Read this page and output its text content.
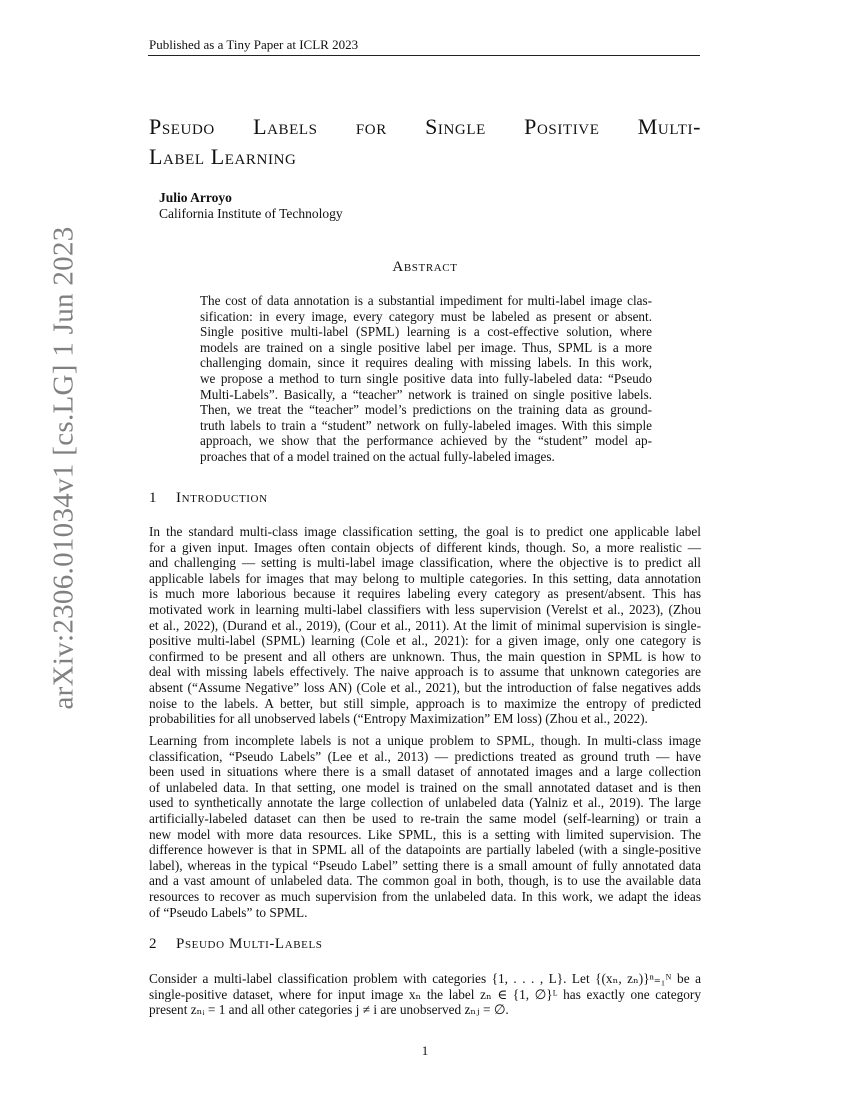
Published as a Tiny Paper at ICLR 2023
arXiv:2306.01034v1 [cs.LG] 1 Jun 2023
Pseudo Labels for Single Positive Multi-
Label Learning
Julio Arroyo
California Institute of Technology
Abstract
The cost of data annotation is a substantial impediment for multi-label image clas-
sification: in every image, every category must be labeled as present or absent.
Single positive multi-label (SPML) learning is a cost-effective solution, where
models are trained on a single positive label per image. Thus, SPML is a more
challenging domain, since it requires dealing with missing labels. In this work,
we propose a method to turn single positive data into fully-labeled data: “Pseudo
Multi-Labels”. Basically, a “teacher” network is trained on single positive labels.
Then, we treat the “teacher” model’s predictions on the training data as ground-
truth labels to train a “student” network on fully-labeled images. With this simple
approach, we show that the performance achieved by the “student” model ap-
proaches that of a model trained on the actual fully-labeled images.
1 Introduction
In the standard multi-class image classification setting, the goal is to predict one applicable label
for a given input. Images often contain objects of different kinds, though. So, a more realistic —
and challenging — setting is multi-label image classification, where the objective is to predict all
applicable labels for images that may belong to multiple categories. In this setting, data annotation
is much more laborious because it requires labeling every category as present/absent. This has
motivated work in learning multi-label classifiers with less supervision (Verelst et al., 2023), (Zhou
et al., 2022), (Durand et al., 2019), (Cour et al., 2011). At the limit of minimal supervision is single-
positive multi-label (SPML) learning (Cole et al., 2021): for a given image, only one category is
confirmed to be present and all others are unknown. Thus, the main question in SPML is how to
deal with missing labels effectively. The naive approach is to assume that unknown categories are
absent (“Assume Negative” loss AN) (Cole et al., 2021), but the introduction of false negatives adds
noise to the labels. A better, but still simple, approach is to maximize the entropy of predicted
probabilities for all unobserved labels (“Entropy Maximization” EM loss) (Zhou et al., 2022).
Learning from incomplete labels is not a unique problem to SPML, though. In multi-class image
classification, “Pseudo Labels” (Lee et al., 2013) — predictions treated as ground truth — have
been used in situations where there is a small dataset of annotated images and a large collection
of unlabeled data. In that setting, one model is trained on the small annotated dataset and is then
used to synthetically annotate the large collection of unlabeled data (Yalniz et al., 2019). The large
artificially-labeled dataset can then be used to re-train the same model (self-learning) or train a
new model with more data resources. Like SPML, this is a setting with limited supervision. The
difference however is that in SPML all of the datapoints are partially labeled (with a single-positive
label), whereas in the typical “Pseudo Label” setting there is a small amount of fully annotated data
and a vast amount of unlabeled data. The common goal in both, though, is to use the available data
resources to recover as much supervision from the unlabeled data. In this work, we adapt the ideas
of “Pseudo Labels” to SPML.
2 Pseudo Multi-Labels
Consider a multi-label classification problem with categories {1, . . . , L}. Let {(xₙ, zₙ)}ⁿ₌₁ᴺ be a
single-positive dataset, where for input image xₙ the label zₙ ∈ {1, ∅}ᴸ has exactly one category
present zₙᵢ = 1 and all other categories j ≠ i are unobserved zₙⱼ = ∅.
1
